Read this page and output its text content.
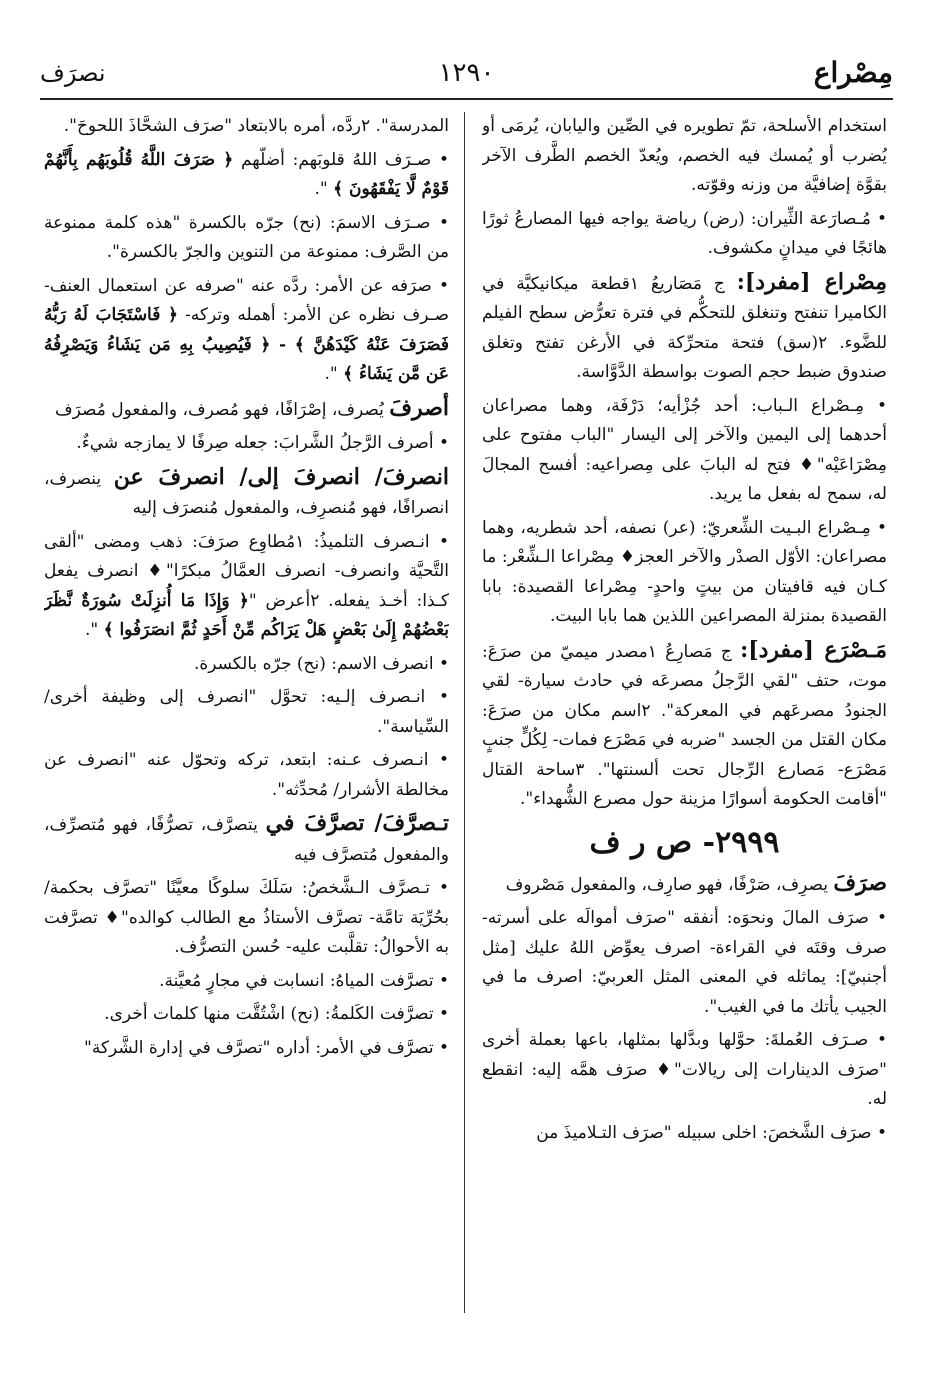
نصرَف	١٢٩٠	مِصْراع

استخدام الأسلحة، تمّ تطويره في الصِّين واليابان، يُرمَى أو يُضرب أو يُمسك فيه الخصم، ويُعدّ الخصم الطَّرف الآخر بقوَّة إضافيَّة من وزنه وقوّته.

• مُـصارَعة الثِّيران: (رض) رياضة يواجه فيها المصارعُ ثورًا هائجًا في ميدانٍ مكشوف.

مِصْراع [مفرد]: ج مَصَاريعُ ١قطعة ميكانيكيَّة في الكاميرا تنفتح وتنغلق للتحكُّم في فترة تعرُّض سطح الفيلم للضَّوء. ٢(سق) فتحة متحرِّكة في الأرغن تفتح وتغلق صندوق ضبط حجم الصوت بواسطة الدَّوَّاسة.

• مِـصْراع الـباب: أحد جُزْأيه؛ دَرْفَة، وهما مصراعان أحدهما إلى اليمين والآخر إلى اليسار "الباب مفتوح على مِصْرَاعَيْه"♦ فتح له البابَ على مِصراعيه: أفسح المجالَ له، سمح له بفعل ما يريد.

• مِـصْراع البـيت الشِّعريّ: (عر) نصفه، أحد شطريه، وهما مصراعان: الأوّل الصدْر والآخر العجز♦ مِصْراعا الـشِّعْر: ما كـان فيه قافيتان من بيتٍ واحدٍ- مِصْراعا القصيدة: بابا القصيدة بمنزلة المصراعين اللذين هما بابا البيت.

مَـصْرَع [مفرد]: ج مَصارِعُ ١مصدر ميميّ من صرَعَ: موت، حتف "لقي الرَّجلُ مصرعَه في حادث سيارة- لقي الجنودُ مصرعَهم في المعركة". ٢اسم مكان من صرَعَ: مكان القتل من الجسد "ضربه في مَصْرَع فمات- لِكُلٍّ جنبٍ مَصْرَع- مَصارع الرِّجال تحت ألسنتها". ٣ساحة القتال "أقامت الحكومة أسوارًا مزينة حول مصرع الشُّهداء".

٢٩٩٩- ص ر ف

صرَفَ يصرِف، صَرْفًا، فهو صارِف، والمفعول مَصْروف

• صرَف المالَ ونحوَه: أنفقه "صرَف أموالَه على أسرته- صرف وقتَه في القراءة- اصرف يعوِّض اللهُ عليك [مثل أجنبيّ]: يماثله في المعنى المثل العربيّ: اصرف ما في الجيب يأتك ما في الغيب".

• صـرَف العُملةَ: حوَّلها وبدَّلها بمثلها، باعها بعملة أخرى "صرَف الدينارات إلى ريالات"♦ صرَف همَّه إليه: انقطع له.

• صرَف الشَّخصَ: اخلى سبيله "صرَف التـلاميذَ من

المدرسة". ٢ردَّه، أمره بالابتعاد "صرَف الشحَّاذَ اللحوحَ".

• صـرَف اللهُ قلوبَهم: أضلّهم ﴿ صَرَفَ اللَّهُ قُلُوبَهُم بِأَنَّهُمْ قَوْمٌ لَّا يَفْقَهُونَ ﴾ ".

• صـرَف الاسمَ: (نح) جرّه بالكسرة "هذه كلمة ممنوعة من الصَّرف: ممنوعة من التنوين والجرّ بالكسرة".

• صرَفه عن الأمر: ردَّه عنه "صرفه عن استعمال العنف- صـرف نظره عن الأمر: أهمله وتركه- ﴿ فَاسْتَجَابَ لَهُ رَبُّهُ فَصَرَفَ عَنْهُ كَيْدَهُنَّ ﴾ - ﴿ فَيُصِيبُ بِهِ مَن يَشَاءُ وَيَصْرِفُهُ عَن مَّن يَشَاءُ ﴾ ".

أصرفَ يُصرف، إصْرَافًا، فهو مُصرف، والمفعول مُصرَف

• أصرف الرَّجلُ الشَّرابَ: جعله صِرفًا لا يمازجه شيءٌ.

انصرفَ/ انصرفَ إلى/ انصرفَ عن ينصرف، انصرافًا، فهو مُنصرِف، والمفعول مُنصرَف إليه

• انـصرف التلميذُ: ١مُطاوِع صرَفَ: ذهب ومضى "ألقى التَّحيَّة وانصرف- انصرف العمَّالُ مبكرًا"♦ انصرف يفعل كـذا: أخـذ يفعله. ٢أعرض "﴿ وَإِذَا مَا أُنزِلَتْ سُورَةٌ نَّظَرَ بَعْضُهُمْ إِلَىٰ بَعْضٍ هَلْ يَرَاكُم مِّنْ أَحَدٍ ثُمَّ انصَرَفُوا ﴾ ".

• انصرف الاسم: (نح) جرّه بالكسرة.

• انـصرف إلـيه: تحوَّل "انصرف إلى وظيفة أخرى/ السِّياسة".

• انـصرف عـنه: ابتعد، تركه وتحوّل عنه "انصرف عن مخالطة الأشرار/ مُحدِّثه".

تـصرَّفَ/ تصرَّفَ في يتصرَّف، تصرُّفًا، فهو مُتصرِّف، والمفعول مُتصرَّف فيه

• تـصرَّف الـشَّخصُ: سَلَكَ سلوكًا معيَّنًا "تصرَّف بحكمة/ بحُرِّيَة تامَّة- تصرَّف الأستاذُ مع الطالب كوالده"♦ تصرَّفت به الأحوالُ: تقلَّبت عليه- حُسن التصرُّف.

• تصرَّفت المياهُ: انسابت في مجارٍ مُعيَّنة.

• تصرَّفت الكَلمةُ: (نح) اشْتُقَّت منها كلمات أخرى.

• تصرَّف في الأمر: أداره "تصرَّف في إدارة الشَّركة"
